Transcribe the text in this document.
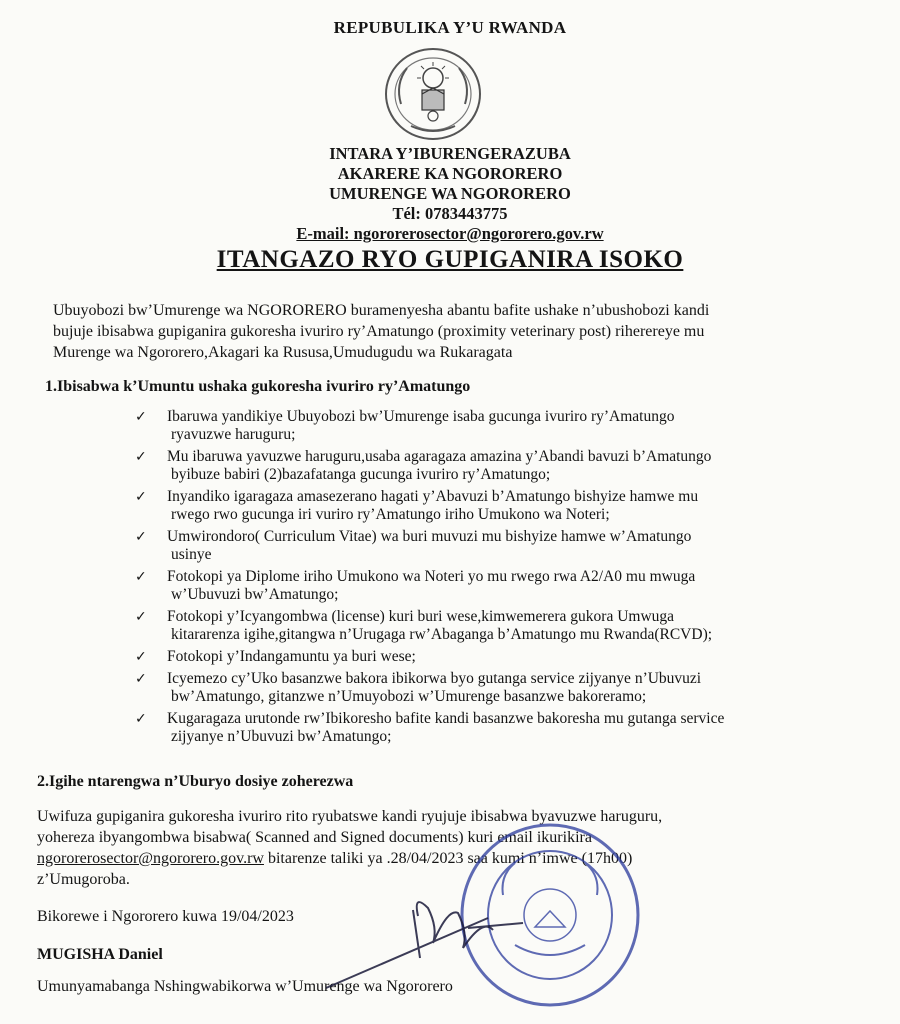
REPUBULIKA Y’U RWANDA
INTARA Y’IBURENGERAZUBA
AKARERE KA NGORORERO
UMURENGE WA NGORORERO
Tél: 0783443775
E-mail: ngororerosector@ngororero.gov.rw
ITANGAZO RYO GUPIGANIRA ISOKO
Ubuyobozi bw’Umurenge wa NGORORERO buramenyesha abantu bafite ushake n’ubushobozi kandi
bujuje ibisabwa gupiganira gukoresha ivuriro ry’Amatungo (proximity veterinary post) riherereye mu
Murenge wa Ngororero,Akagari ka Rususa,Umudugudu wa Rukaragata
1.Ibisabwa k’Umuntu ushaka gukoresha ivuriro ry’Amatungo
✓ Ibaruwa yandikiye Ubuyobozi bw’Umurenge isaba gucunga ivuriro ry’Amatungo
ryavuzwe haruguru;
✓ Mu ibaruwa yavuzwe haruguru,usaba agaragaza amazina y’Abandi bavuzi b’Amatungo
byibuze babiri (2)bazafatanga gucunga ivuriro ry’Amatungo;
✓ Inyandiko igaragaza amasezerano hagati y’Abavuzi b’Amatungo bishyize hamwe mu
rwego rwo gucunga iri vuriro ry’Amatungo iriho Umukono wa Noteri;
✓ Umwirondoro( Curriculum Vitae) wa buri muvuzi mu bishyize hamwe w’Amatungo
usinye
✓ Fotokopi ya Diplome iriho Umukono wa Noteri yo mu rwego rwa A2/A0 mu mwuga
w’Ubuvuzi bw’Amatungo;
✓ Fotokopi y’Icyangombwa (license) kuri buri wese,kimwemerera gukora Umwuga
kitararenza igihe,gitangwa n’Urugaga rw’Abaganga b’Amatungo mu Rwanda(RCVD);
✓ Fotokopi y’Indangamuntu ya buri wese;
✓ Icyemezo cy’Uko basanzwe bakora ibikorwa byo gutanga service zijyanye n’Ubuvuzi
bw’Amatungo, gitanzwe n’Umuyobozi w’Umurenge basanzwe bakoreramo;
✓ Kugaragaza urutonde rw’Ibikoresho bafite kandi basanzwe bakoresha mu gutanga service
zijyanye n’Ubuvuzi bw’Amatungo;
2.Igihe ntarengwa n’Uburyo dosiye zoherezwa
Uwifuza gupiganira gukoresha ivuriro rito ryubatswe kandi ryujuje ibisabwa byavuzwe haruguru,
yohereza ibyangombwa bisabwa( Scanned and Signed documents) kuri email ikurikira
ngororerosector@ngororero.gov.rw bitarenze taliki ya .28/04/2023 saa kumi n’imwe (17h00)
z’Umugoroba.
Bikorewe i Ngororero kuwa 19/04/2023
MUGISHA Daniel
Umunyamabanga Nshingwabikorwa w’Umurenge wa Ngororero
